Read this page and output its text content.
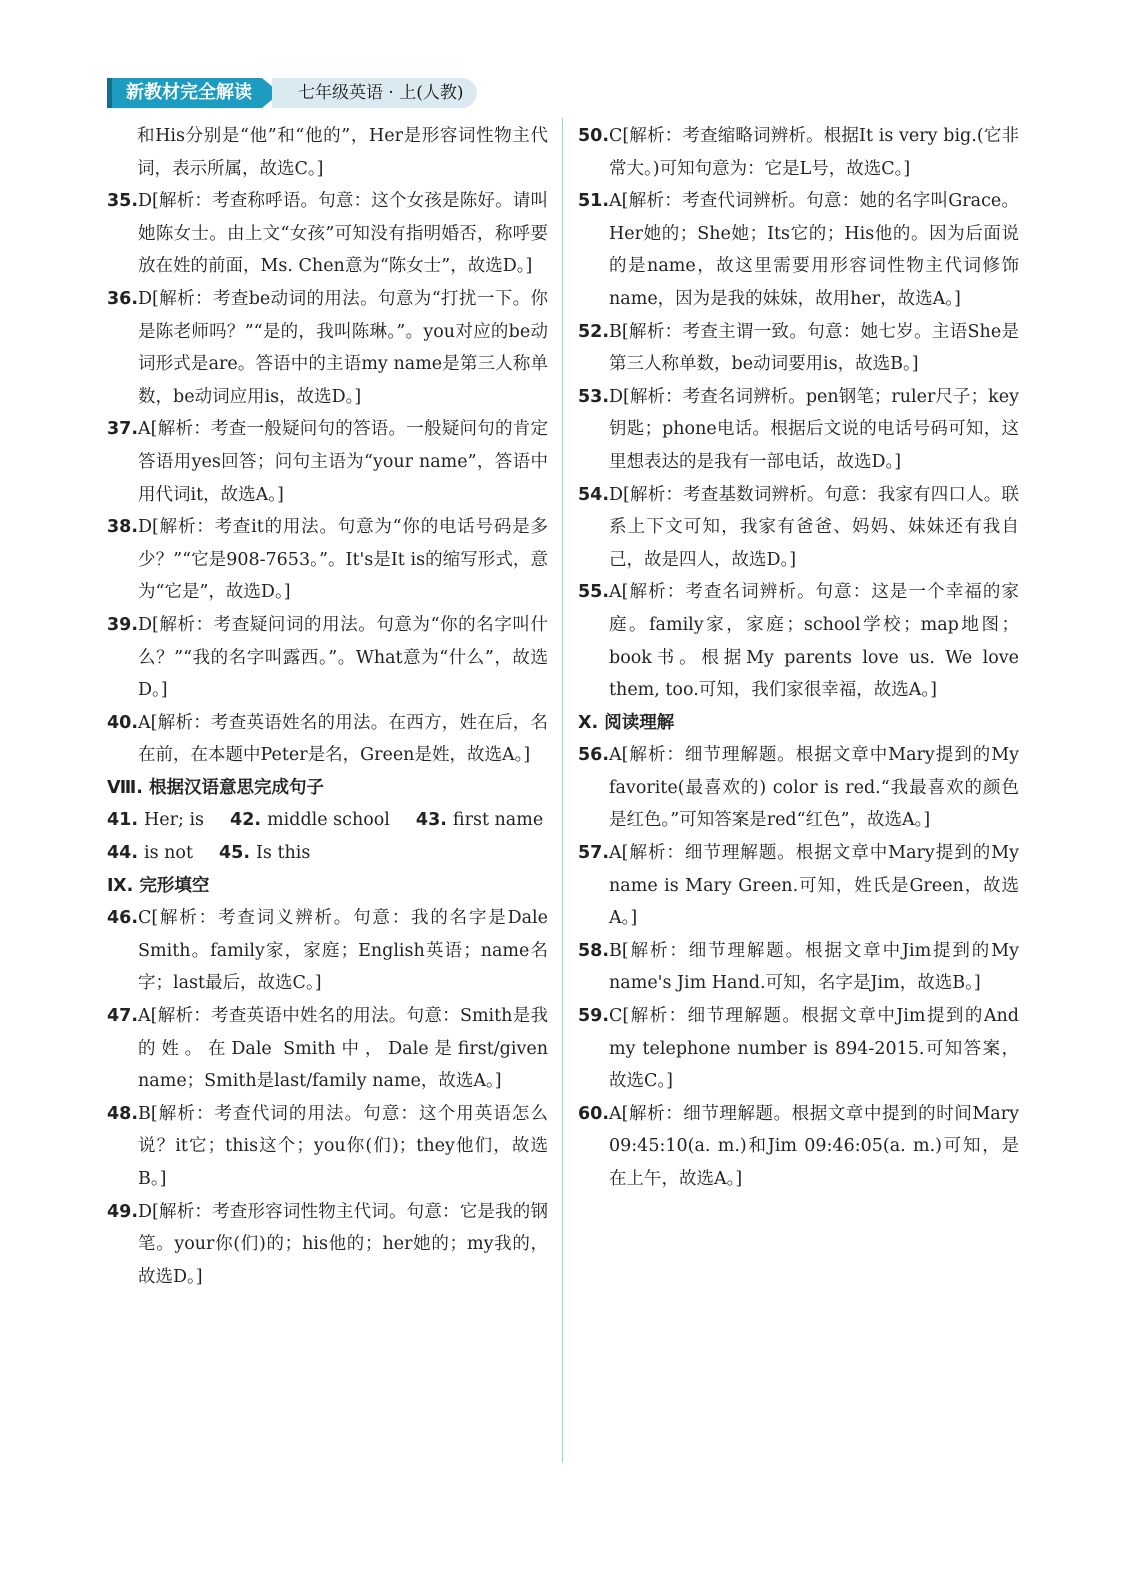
新教材完全解读	七年级英语 · 上(人教)
和His分别是“他”和“他的”，Her是形容词性物主代词，表示所属，故选C。]
35. D[解析：考查称呼语。句意：这个女孩是陈好。请叫她陈女士。由上文“女孩”可知没有指明婚否，称呼要放在姓的前面，Ms. Chen意为“陈女士”，故选D。]
36. D[解析：考查be动词的用法。句意为“打扰一下。你是陈老师吗？”“是的，我叫陈琳。”。you对应的be动词形式是are。答语中的主语my name是第三人称单数，be动词应用is，故选D。]
37. A[解析：考查一般疑问句的答语。一般疑问句的肯定答语用yes回答；问句主语为“your name”，答语中用代词it，故选A。]
38. D[解析：考查it的用法。句意为“你的电话号码是多少？”“它是908-7653。”。It's是It is的缩写形式，意为“它是”，故选D。]
39. D[解析：考查疑问词的用法。句意为“你的名字叫什么？”“我的名字叫露西。”。What意为“什么”，故选D。]
40. A[解析：考查英语姓名的用法。在西方，姓在后，名在前，在本题中Peter是名，Green是姓，故选A。]
Ⅷ. 根据汉语意思完成句子
41. Her; is 42. middle school 43. first name
44. is not 45. Is this
Ⅸ. 完形填空
46. C[解析：考查词义辨析。句意：我的名字是Dale Smith。family家，家庭；English英语；name名字；last最后，故选C。]
47. A[解析：考查英语中姓名的用法。句意：Smith是我的姓。在Dale Smith中，Dale是first/given name；Smith是last/family name，故选A。]
48. B[解析：考查代词的用法。句意：这个用英语怎么说？it它；this这个；you你(们)；they他们，故选B。]
49. D[解析：考查形容词性物主代词。句意：它是我的钢笔。your你(们)的；his他的；her她的；my我的，故选D。]
50. C[解析：考查缩略词辨析。根据It is very big.(它非常大。)可知句意为：它是L号，故选C。]
51. A[解析：考查代词辨析。句意：她的名字叫Grace。Her她的；She她；Its它的；His他的。因为后面说的是name，故这里需要用形容词性物主代词修饰name，因为是我的妹妹，故用her，故选A。]
52. B[解析：考查主谓一致。句意：她七岁。主语She是第三人称单数，be动词要用is，故选B。]
53. D[解析：考查名词辨析。pen钢笔；ruler尺子；key钥匙；phone电话。根据后文说的电话号码可知，这里想表达的是我有一部电话，故选D。]
54. D[解析：考查基数词辨析。句意：我家有四口人。联系上下文可知，我家有爸爸、妈妈、妹妹还有我自己，故是四人，故选D。]
55. A[解析：考查名词辨析。句意：这是一个幸福的家庭。family家，家庭；school学校；map地图；book书。根据My parents love us. We love them, too.可知，我们家很幸福，故选A。]
Ⅹ. 阅读理解
56. A[解析：细节理解题。根据文章中Mary提到的My favorite(最喜欢的) color is red.“我最喜欢的颜色是红色。”可知答案是red“红色”，故选A。]
57. A[解析：细节理解题。根据文章中Mary提到的My name is Mary Green.可知，姓氏是Green，故选A。]
58. B[解析：细节理解题。根据文章中Jim提到的My name's Jim Hand.可知，名字是Jim，故选B。]
59. C[解析：细节理解题。根据文章中Jim提到的And my telephone number is 894-2015.可知答案，故选C。]
60. A[解析：细节理解题。根据文章中提到的时间Mary 09:45:10(a. m.)和Jim 09:46:05(a. m.)可知，是在上午，故选A。]
